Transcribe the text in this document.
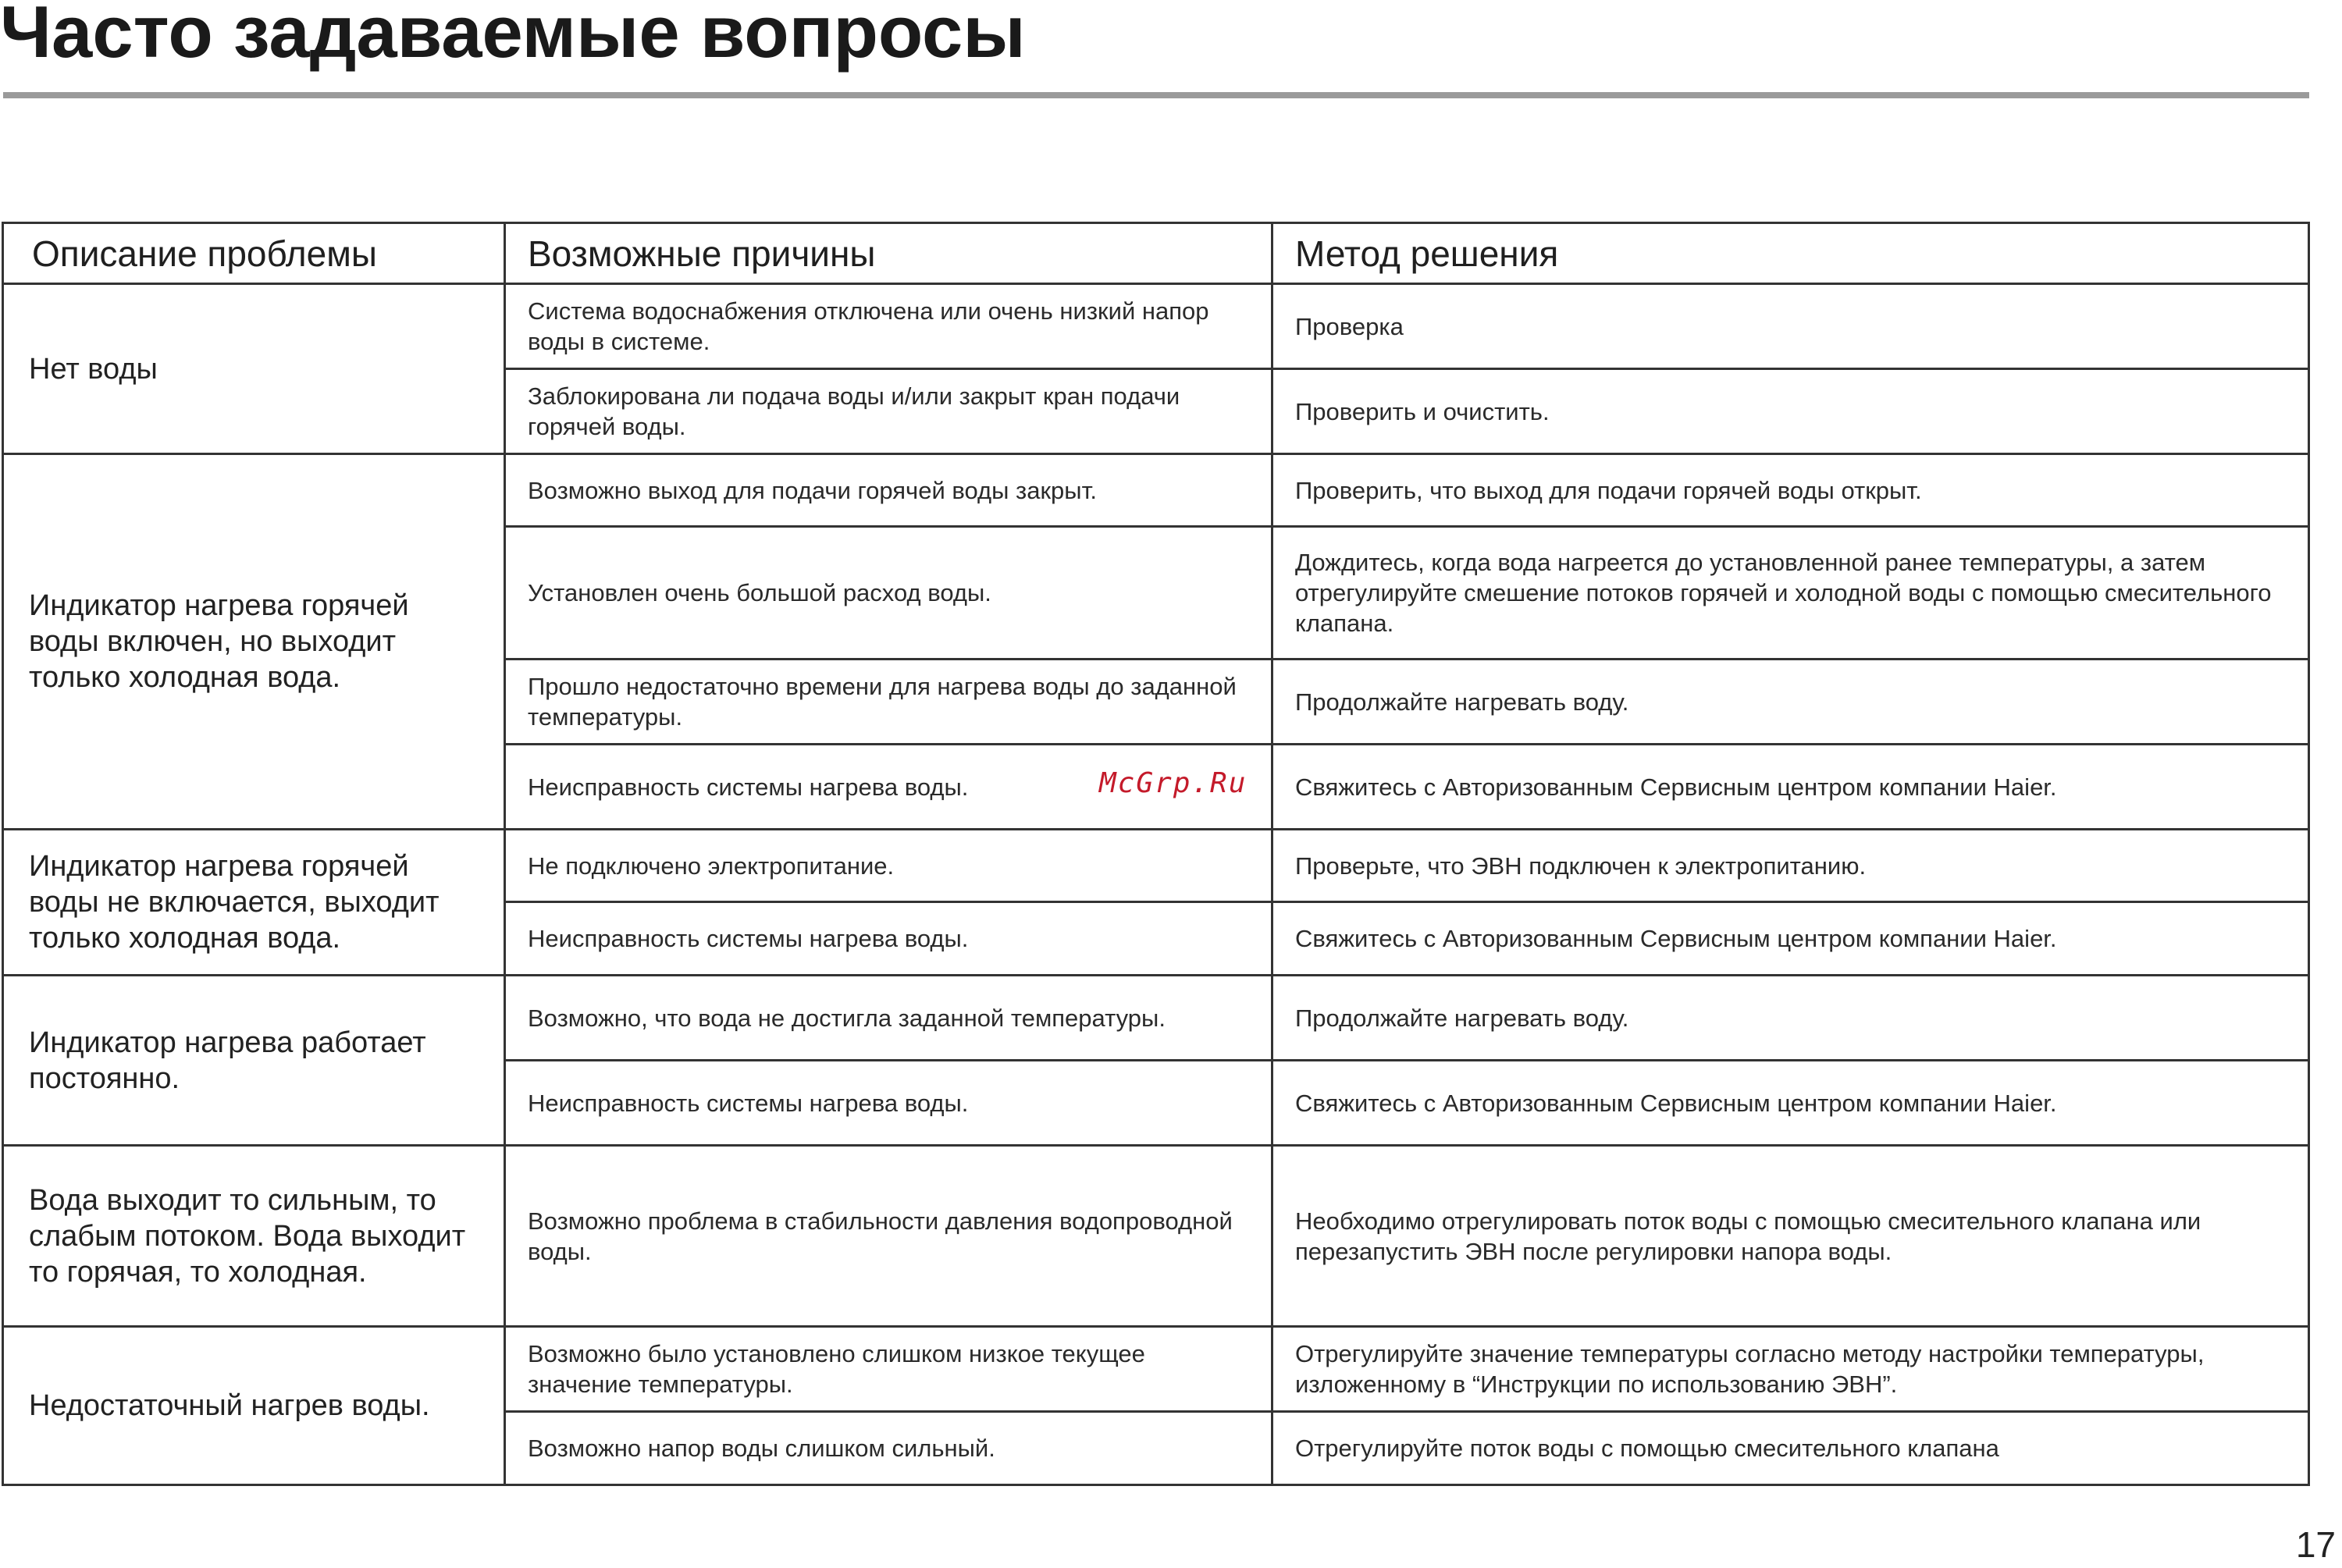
Часто задаваемые вопросы
Описание проблемы	Возможные причины	Метод решения
Нет воды	Система водоснабжения отключена или очень низкий напор воды в системе.	Проверка
	Заблокирована ли подача воды и/или закрыт кран подачи горячей воды.	Проверить и очистить.
Индикатор нагрева горячей воды включен, но выходит только холодная вода.	Возможно выход для подачи горячей воды закрыт.	Проверить, что выход для подачи горячей воды открыт.
	Установлен очень большой расход воды.	Дождитесь, когда вода нагреется до установленной ранее температуры, а затем отрегулируйте смешение потоков горячей и холодной воды с помощью смесительного клапана.
	Прошло недостаточно времени для нагрева воды до заданной температуры.	Продолжайте нагревать воду.
	Неисправность системы нагрева воды.	Свяжитесь с Авторизованным Сервисным центром компании Haier.
Индикатор нагрева горячей воды не включается, выходит только холодная вода.	Не подключено электропитание.	Проверьте, что ЭВН подключен к электропитанию.
	Неисправность системы нагрева воды.	Свяжитесь с Авторизованным Сервисным центром компании Haier.
Индикатор нагрева работает постоянно.	Возможно, что вода не достигла заданной температуры.	Продолжайте нагревать воду.
	Неисправность системы нагрева воды.	Свяжитесь с Авторизованным Сервисным центром компании Haier.
Вода выходит то сильным, то слабым потоком. Вода выходит то горячая, то холодная.	Возможно проблема в стабильности давления водопроводной воды.	Необходимо отрегулировать поток воды с помощью смесительного клапана или перезапустить ЭВН после регулировки напора воды.
Недостаточный нагрев воды.	Возможно было установлено слишком низкое текущее значение температуры.	Отрегулируйте значение температуры согласно методу настройки температуры, изложенному в “Инструкции по использованию ЭВН”.
	Возможно напор воды слишком сильный.	Отрегулируйте поток воды с помощью смесительного клапана
McGrp.Ru
17
